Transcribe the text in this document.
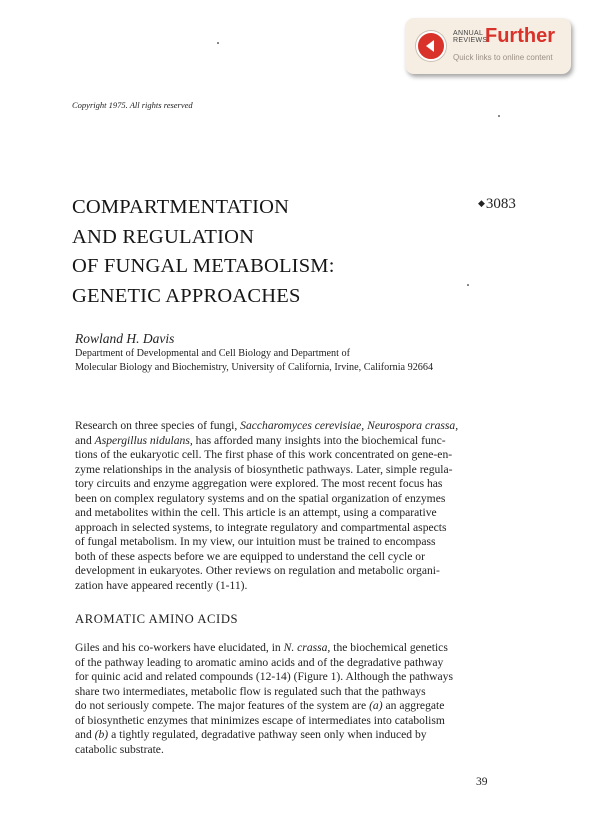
ANNUAL
REVIEWS
Further
Quick links to online content
Copyright 1975. All rights reserved
COMPARTMENTATION
AND REGULATION
OF FUNGAL METABOLISM:
GENETIC APPROACHES
◆3083
Rowland H. Davis
Department of Developmental and Cell Biology and Department of
Molecular Biology and Biochemistry, University of California, Irvine, California 92664
Research on three species of fungi, Saccharomyces cerevisiae, Neurospora crassa,
and Aspergillus nidulans, has afforded many insights into the biochemical func-
tions of the eukaryotic cell. The first phase of this work concentrated on gene-en-
zyme relationships in the analysis of biosynthetic pathways. Later, simple regula-
tory circuits and enzyme aggregation were explored. The most recent focus has
been on complex regulatory systems and on the spatial organization of enzymes
and metabolites within the cell. This article is an attempt, using a comparative
approach in selected systems, to integrate regulatory and compartmental aspects
of fungal metabolism. In my view, our intuition must be trained to encompass
both of these aspects before we are equipped to understand the cell cycle or
development in eukaryotes. Other reviews on regulation and metabolic organi-
zation have appeared recently (1-11).
AROMATIC AMINO ACIDS
Giles and his co-workers have elucidated, in N. crassa, the biochemical genetics
of the pathway leading to aromatic amino acids and of the degradative pathway
for quinic acid and related compounds (12-14) (Figure 1). Although the pathways
share two intermediates, metabolic flow is regulated such that the pathways
do not seriously compete. The major features of the system are (a) an aggregate
of biosynthetic enzymes that minimizes escape of intermediates into catabolism
and (b) a tightly regulated, degradative pathway seen only when induced by
catabolic substrate.
39
